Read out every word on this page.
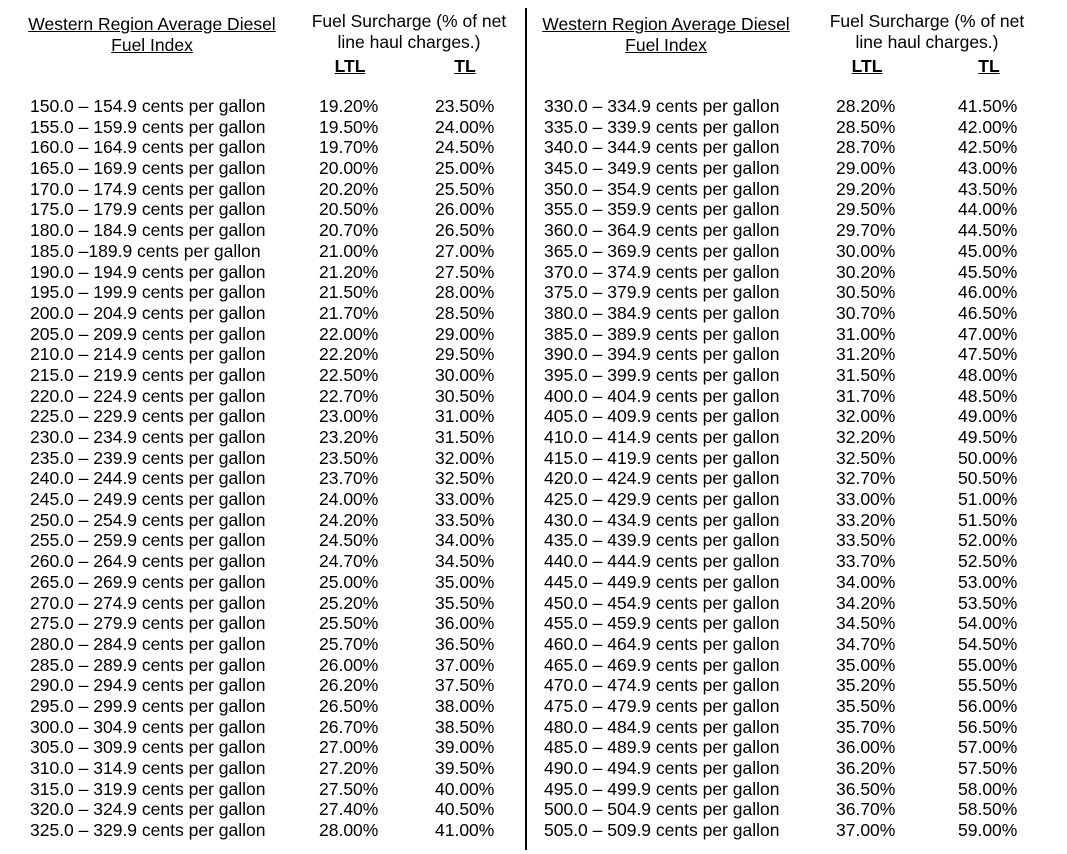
Western Region Average Diesel
Fuel Index
Fuel Surcharge (% of net
line haul charges.)
LTL	TL
150.0 – 154.9 cents per gallon	19.20%	23.50%
155.0 – 159.9 cents per gallon	19.50%	24.00%
160.0 – 164.9 cents per gallon	19.70%	24.50%
165.0 – 169.9 cents per gallon	20.00%	25.00%
170.0 – 174.9 cents per gallon	20.20%	25.50%
175.0 – 179.9 cents per gallon	20.50%	26.00%
180.0 – 184.9 cents per gallon	20.70%	26.50%
185.0 –189.9 cents per gallon	21.00%	27.00%
190.0 – 194.9 cents per gallon	21.20%	27.50%
195.0 – 199.9 cents per gallon	21.50%	28.00%
200.0 – 204.9 cents per gallon	21.70%	28.50%
205.0 – 209.9 cents per gallon	22.00%	29.00%
210.0 – 214.9 cents per gallon	22.20%	29.50%
215.0 – 219.9 cents per gallon	22.50%	30.00%
220.0 – 224.9 cents per gallon	22.70%	30.50%
225.0 – 229.9 cents per gallon	23.00%	31.00%
230.0 – 234.9 cents per gallon	23.20%	31.50%
235.0 – 239.9 cents per gallon	23.50%	32.00%
240.0 – 244.9 cents per gallon	23.70%	32.50%
245.0 – 249.9 cents per gallon	24.00%	33.00%
250.0 – 254.9 cents per gallon	24.20%	33.50%
255.0 – 259.9 cents per gallon	24.50%	34.00%
260.0 – 264.9 cents per gallon	24.70%	34.50%
265.0 – 269.9 cents per gallon	25.00%	35.00%
270.0 – 274.9 cents per gallon	25.20%	35.50%
275.0 – 279.9 cents per gallon	25.50%	36.00%
280.0 – 284.9 cents per gallon	25.70%	36.50%
285.0 – 289.9 cents per gallon	26.00%	37.00%
290.0 – 294.9 cents per gallon	26.20%	37.50%
295.0 – 299.9 cents per gallon	26.50%	38.00%
300.0 – 304.9 cents per gallon	26.70%	38.50%
305.0 – 309.9 cents per gallon	27.00%	39.00%
310.0 – 314.9 cents per gallon	27.20%	39.50%
315.0 – 319.9 cents per gallon	27.50%	40.00%
320.0 – 324.9 cents per gallon	27.40%	40.50%
325.0 – 329.9 cents per gallon	28.00%	41.00%
Western Region Average Diesel
Fuel Index
Fuel Surcharge (% of net
line haul charges.)
LTL	TL
330.0 – 334.9 cents per gallon	28.20%	41.50%
335.0 – 339.9 cents per gallon	28.50%	42.00%
340.0 – 344.9 cents per gallon	28.70%	42.50%
345.0 – 349.9 cents per gallon	29.00%	43.00%
350.0 – 354.9 cents per gallon	29.20%	43.50%
355.0 – 359.9 cents per gallon	29.50%	44.00%
360.0 – 364.9 cents per gallon	29.70%	44.50%
365.0 – 369.9 cents per gallon	30.00%	45.00%
370.0 – 374.9 cents per gallon	30.20%	45.50%
375.0 – 379.9 cents per gallon	30.50%	46.00%
380.0 – 384.9 cents per gallon	30.70%	46.50%
385.0 – 389.9 cents per gallon	31.00%	47.00%
390.0 – 394.9 cents per gallon	31.20%	47.50%
395.0 – 399.9 cents per gallon	31.50%	48.00%
400.0 – 404.9 cents per gallon	31.70%	48.50%
405.0 – 409.9 cents per gallon	32.00%	49.00%
410.0 – 414.9 cents per gallon	32.20%	49.50%
415.0 – 419.9 cents per gallon	32.50%	50.00%
420.0 – 424.9 cents per gallon	32.70%	50.50%
425.0 – 429.9 cents per gallon	33.00%	51.00%
430.0 – 434.9 cents per gallon	33.20%	51.50%
435.0 – 439.9 cents per gallon	33.50%	52.00%
440.0 – 444.9 cents per gallon	33.70%	52.50%
445.0 – 449.9 cents per gallon	34.00%	53.00%
450.0 – 454.9 cents per gallon	34.20%	53.50%
455.0 – 459.9 cents per gallon	34.50%	54.00%
460.0 – 464.9 cents per gallon	34.70%	54.50%
465.0 – 469.9 cents per gallon	35.00%	55.00%
470.0 – 474.9 cents per gallon	35.20%	55.50%
475.0 – 479.9 cents per gallon	35.50%	56.00%
480.0 – 484.9 cents per gallon	35.70%	56.50%
485.0 – 489.9 cents per gallon	36.00%	57.00%
490.0 – 494.9 cents per gallon	36.20%	57.50%
495.0 – 499.9 cents per gallon	36.50%	58.00%
500.0 – 504.9 cents per gallon	36.70%	58.50%
505.0 – 509.9 cents per gallon	37.00%	59.00%
